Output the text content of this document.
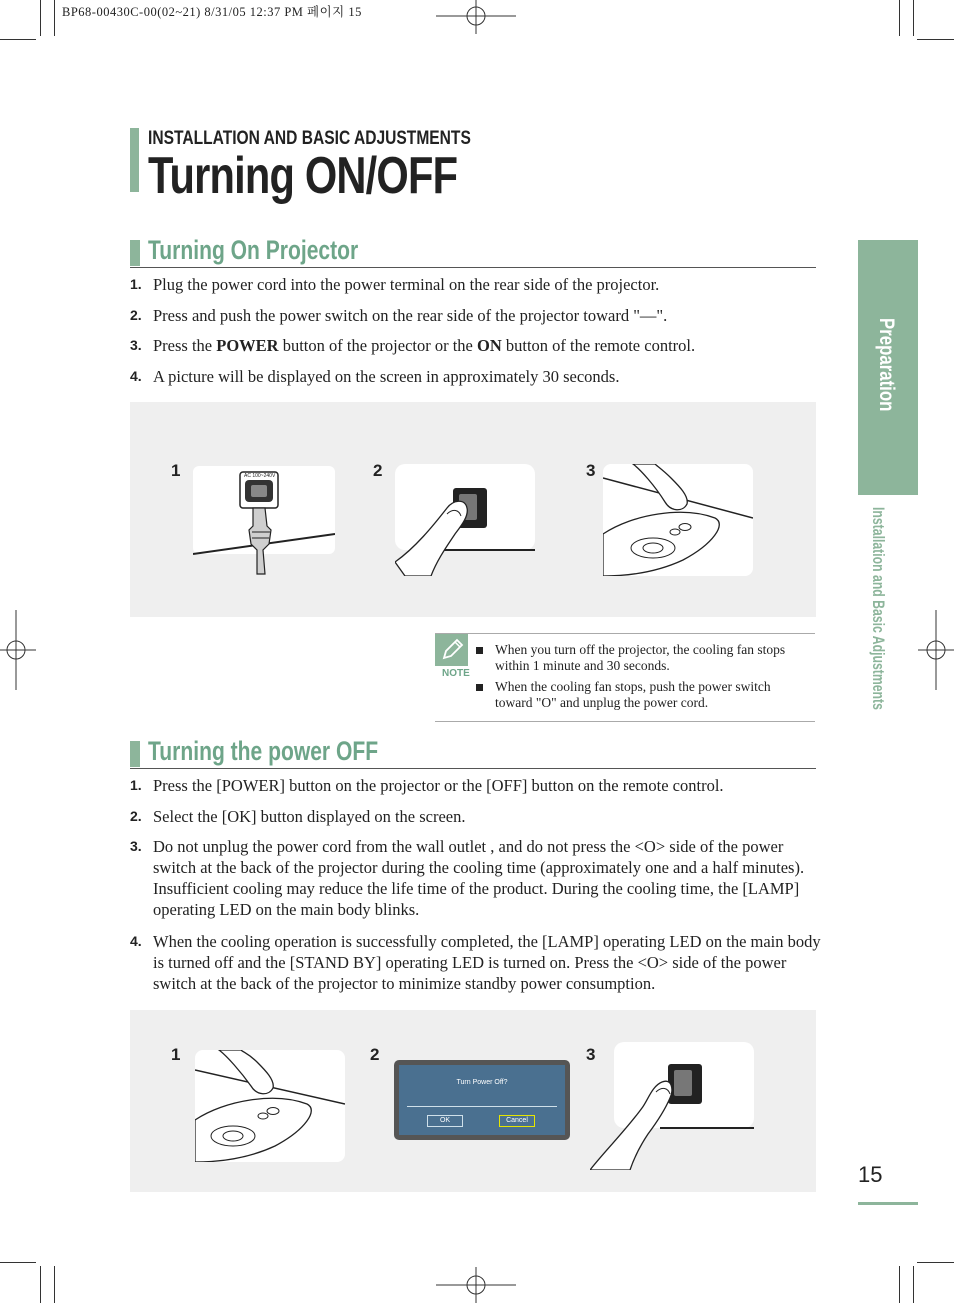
BP68-00430C-00(02~21) 8/31/05 12:37 PM 페이지 15
INSTALLATION AND BASIC ADJUSTMENTS
Turning ON/OFF
Turning On Projector
1. Plug the power cord into the power terminal on the rear side of the projector.
2. Press and push the power switch on the rear side of the projector toward "—".
3. Press the POWER button of the projector or the ON button of the remote control.
4. A picture will be displayed on the screen in approximately 30 seconds.
1	2	3
AC 100~240V
NOTE
When you turn off the projector, the cooling fan stops within 1 minute and 30 seconds.
When the cooling fan stops, push the power switch toward "O" and unplug the power cord.
Turning the power OFF
1. Press the [POWER] button on the projector or the [OFF] button on the remote control.
2. Select the [OK] button displayed on the screen.
3. Do not unplug the power cord from the wall outlet , and do not press the <O> side of the power switch at the back of the projector during the cooling time (approximately one and a half minutes). Insufficient cooling may reduce the life time of the product. During the cooling time, the [LAMP] operating LED on the main body blinks.
4. When the cooling operation is successfully completed, the [LAMP] operating LED on the main body is turned off and the [STAND BY] operating LED is turned on. Press the <O> side of the power switch at the back of the projector to minimize standby power consumption.
1	2	3
Turn Power Off?
OK	Cancel
Preparation
Installation and Basic Adjustments
15
